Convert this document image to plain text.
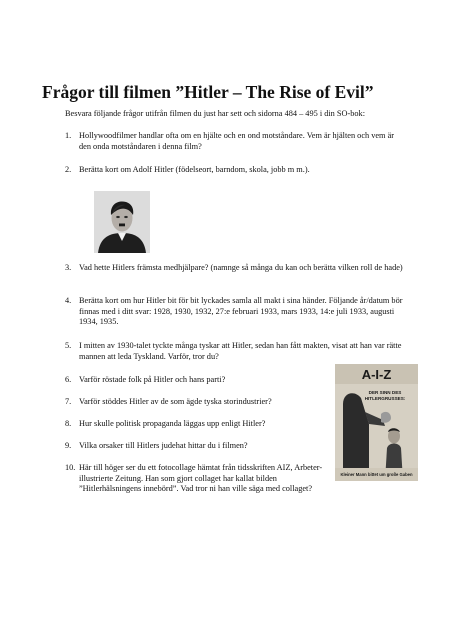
Frågor till filmen ”Hitler – The Rise of Evil”

Besvara följande frågor utifrån filmen du just har sett och sidorna 484 – 495 i din SO-bok:

1. Hollywoodfilmer handlar ofta om en hjälte och en ond motståndare. Vem är hjälten och vem är den onda motståndaren i denna film?
2. Berätta kort om Adolf Hitler (födelseort, barndom, skola, jobb m m.).
3. Vad hette Hitlers främsta medhjälpare? (namnge så många du kan och berätta vilken roll de hade)
4. Berätta kort om hur Hitler bit för bit lyckades samla all makt i sina händer. Följande år/datum bör finnas med i ditt svar: 1928, 1930, 1932, 27:e februari 1933, mars 1933, 14:e juli 1933, augusti 1934, 1935.
5. I mitten av 1930-talet tyckte många tyskar att Hitler, sedan han fått makten, visat att han var rätte mannen att leda Tyskland. Varför, tror du?
6. Varför röstade folk på Hitler och hans parti?
7. Varför stöddes Hitler av de som ägde tyska storindustrier?
8. Hur skulle politisk propaganda läggas upp enligt Hitler?
9. Vilka orsaker till Hitlers judehat hittar du i filmen?
10. Här till höger ser du ett fotocollage hämtat från tidsskriften AIZ, Arbeter-illustrierte Zeitung. Han som gjort collaget har kallat bilden ”Hitlerhälsningens innebörd”. Vad tror ni han ville säga med collaget?
A-I-Z
DER SINN DES
HITLERGRUSSES:
Kleiner Mann bittet um große Gaben
